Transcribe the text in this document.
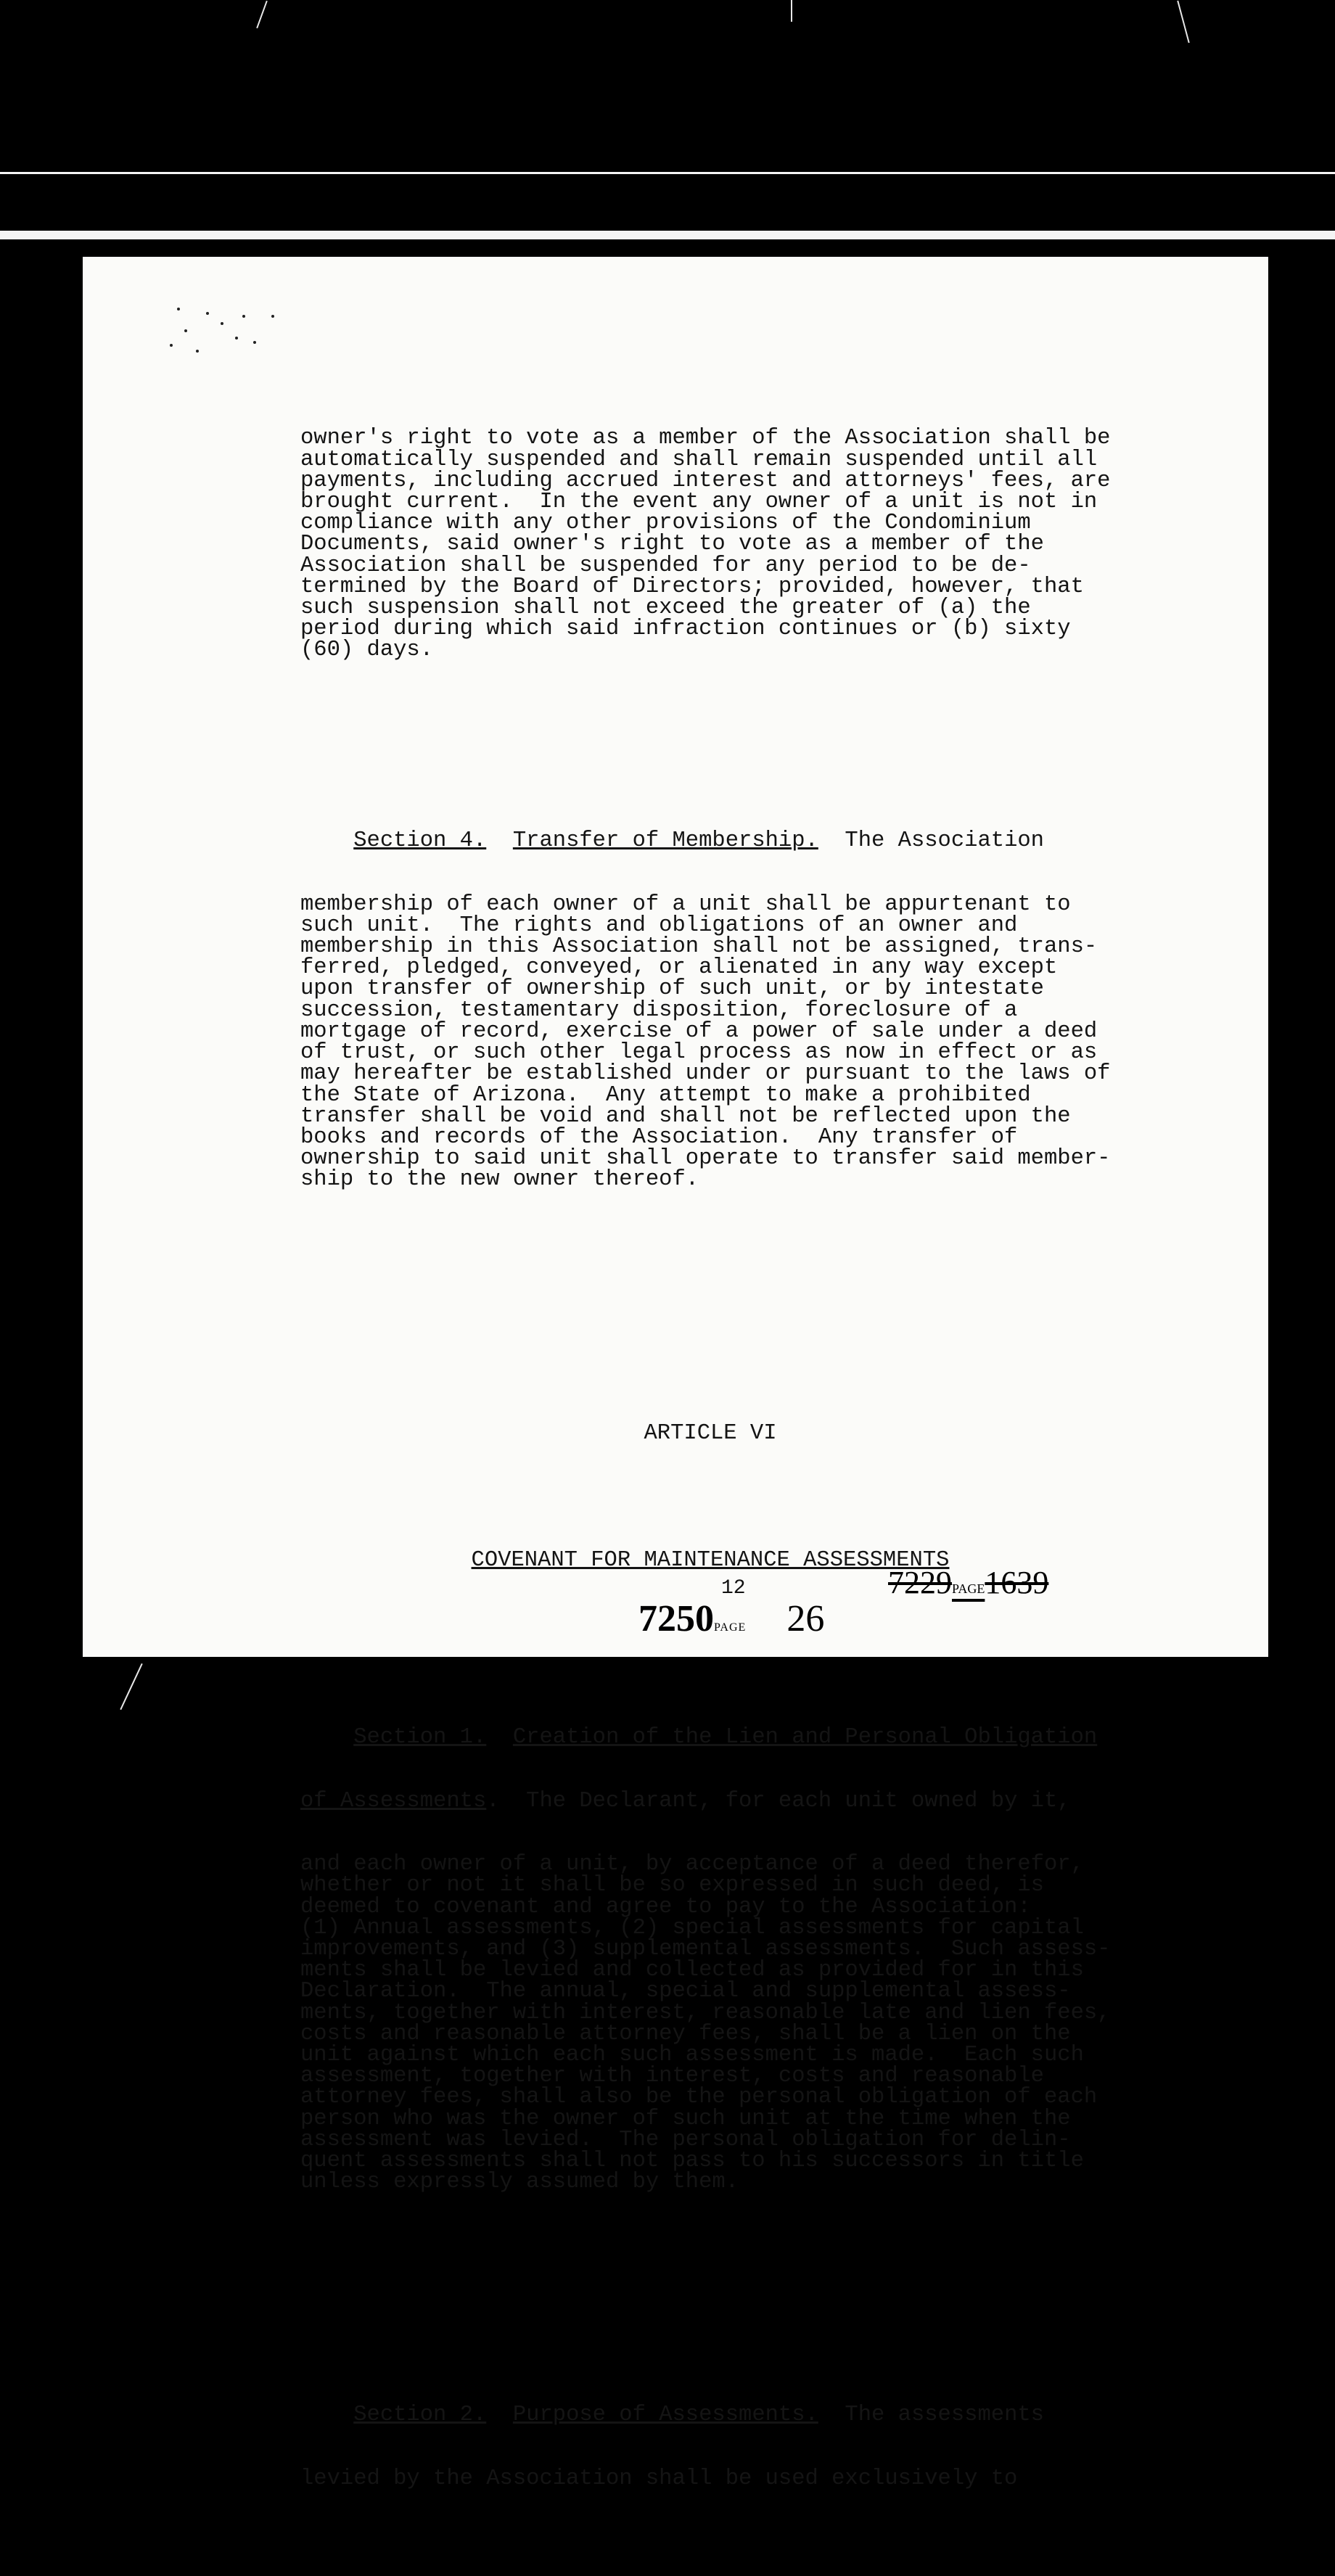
owner's right to vote as a member of the Association shall be

automatically suspended and shall remain suspended until all

payments, including accrued interest and attorneys' fees, are

brought current.  In the event any owner of a unit is not in

compliance with any other provisions of the Condominium

Documents, said owner's right to vote as a member of the

Association shall be suspended for any period to be de-

termined by the Board of Directors; provided, however, that

such suspension shall not exceed the greater of (a) the

period during which said infraction continues or (b) sixty

(60) days.

Section 4. Transfer of Membership.  The Association

membership of each owner of a unit shall be appurtenant to

such unit.  The rights and obligations of an owner and

membership in this Association shall not be assigned, trans-

ferred, pledged, conveyed, or alienated in any way except

upon transfer of ownership of such unit, or by intestate

succession, testamentary disposition, foreclosure of a

mortgage of record, exercise of a power of sale under a deed

of trust, or such other legal process as now in effect or as

may hereafter be established under or pursuant to the laws of

the State of Arizona.  Any attempt to make a prohibited

transfer shall be void and shall not be reflected upon the

books and records of the Association.  Any transfer of

ownership to said unit shall operate to transfer said member-

ship to the new owner thereof.

ARTICLE VI

COVENANT FOR MAINTENANCE ASSESSMENTS

Section 1. Creation of the Lien and Personal Obligation

of Assessments.  The Declarant, for each unit owned by it,

and each owner of a unit, by acceptance of a deed therefor,

whether or not it shall be so expressed in such deed, is

deemed to covenant and agree to pay to the Association:

(1) Annual assessments, (2) special assessments for capital

improvements, and (3) supplemental assessments.  Such assess-

ments shall be levied and collected as provided for in this

Declaration.  The annual, special and supplemental assess-

ments, together with interest, reasonable late and lien fees,

costs and reasonable attorney fees, shall be a lien on the

unit against which each such assessment is made.  Each such

assessment, together with interest, costs and reasonable

attorney fees, shall also be the personal obligation of each

person who was the owner of such unit at the time when the

assessment was levied.  The personal obligation for delin-

quent assessments shall not pass to his successors in title

unless expressly assumed by them.

Section 2. Purpose of Assessments.  The assessments

levied by the Association shall be used exclusively to

12	7229PAGE1639
7250PAGE 26
